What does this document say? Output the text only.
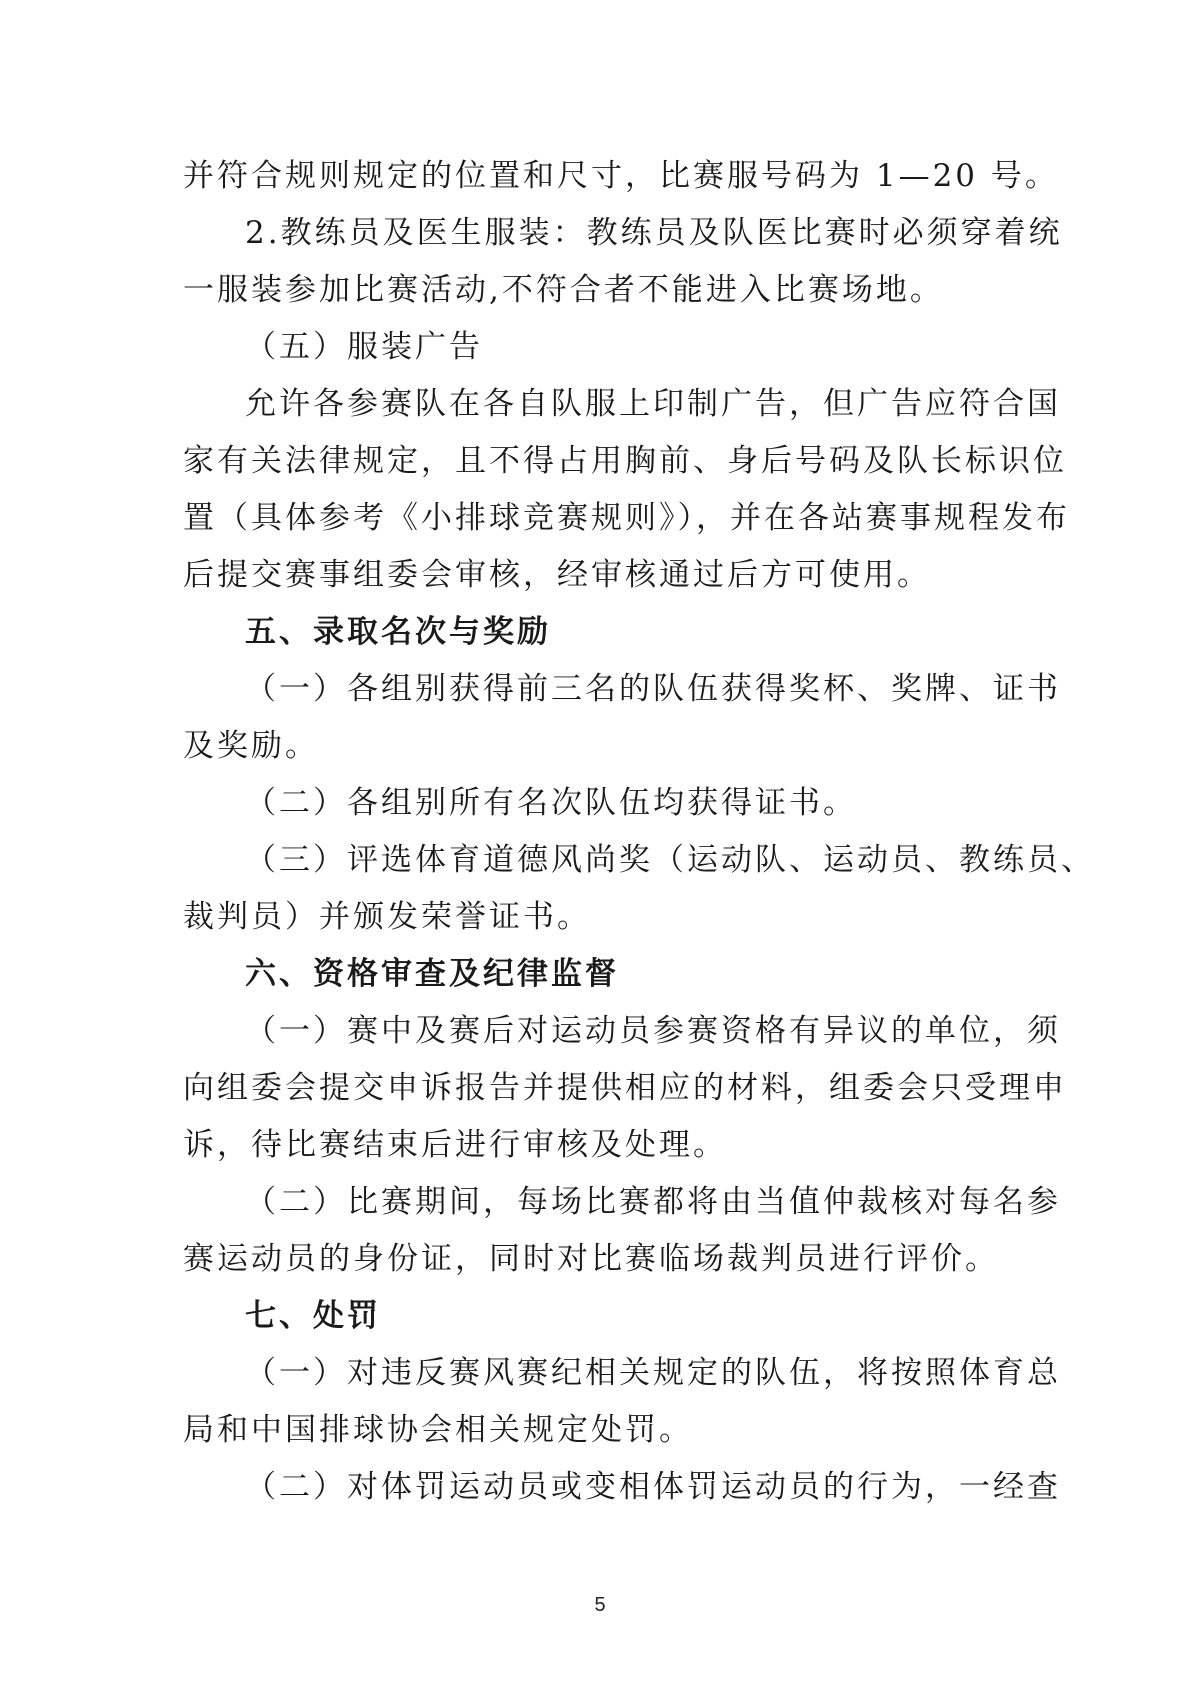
并符合规则规定的位置和尺寸，比赛服号码为 1—20 号。

2.教练员及医生服装：教练员及队医比赛时必须穿着统

一服装参加比赛活动,不符合者不能进入比赛场地。

（五）服装广告

允许各参赛队在各自队服上印制广告，但广告应符合国

家有关法律规定，且不得占用胸前、身后号码及队长标识位

置（具体参考《小排球竞赛规则》），并在各站赛事规程发布

后提交赛事组委会审核，经审核通过后方可使用。

五、录取名次与奖励

（一）各组别获得前三名的队伍获得奖杯、奖牌、证书

及奖励。

（二）各组别所有名次队伍均获得证书。

（三）评选体育道德风尚奖（运动队、运动员、教练员、

裁判员）并颁发荣誉证书。

六、资格审查及纪律监督

（一）赛中及赛后对运动员参赛资格有异议的单位，须

向组委会提交申诉报告并提供相应的材料，组委会只受理申

诉，待比赛结束后进行审核及处理。

（二）比赛期间，每场比赛都将由当值仲裁核对每名参

赛运动员的身份证，同时对比赛临场裁判员进行评价。

七、处罚

（一）对违反赛风赛纪相关规定的队伍，将按照体育总

局和中国排球协会相关规定处罚。

（二）对体罚运动员或变相体罚运动员的行为，一经查

5
